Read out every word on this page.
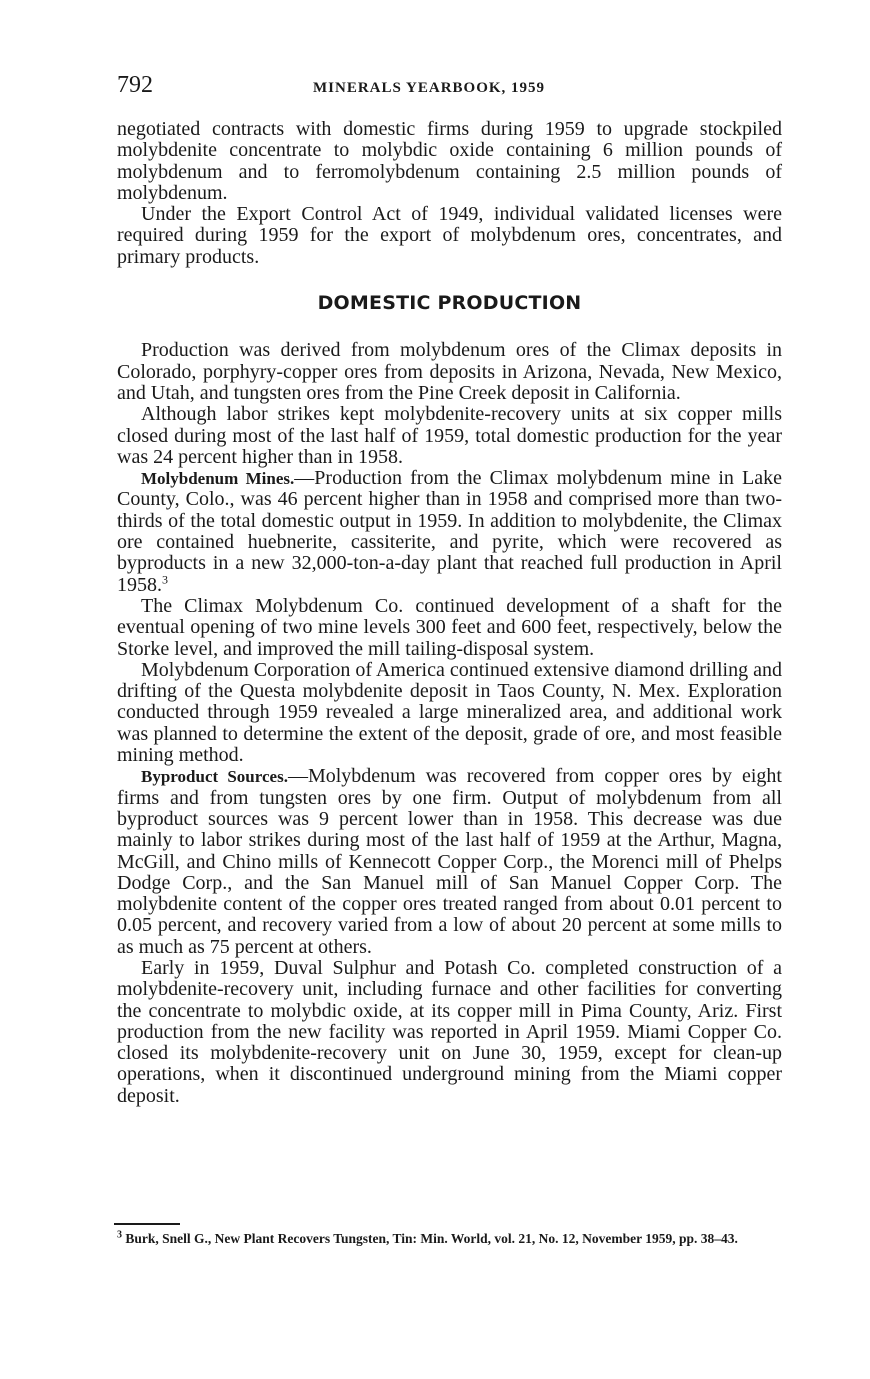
792	MINERALS YEARBOOK, 1959

negotiated contracts with domestic firms during 1959 to upgrade stockpiled molybdenite concentrate to molybdic oxide containing 6 million pounds of molybdenum and to ferromolybdenum containing 2.5 million pounds of molybdenum.

Under the Export Control Act of 1949, individual validated licenses were required during 1959 for the export of molybdenum ores, concentrates, and primary products.

DOMESTIC PRODUCTION

Production was derived from molybdenum ores of the Climax deposits in Colorado, porphyry-copper ores from deposits in Arizona, Nevada, New Mexico, and Utah, and tungsten ores from the Pine Creek deposit in California.

Although labor strikes kept molybdenite-recovery units at six copper mills closed during most of the last half of 1959, total domestic production for the year was 24 percent higher than in 1958.

Molybdenum Mines.—Production from the Climax molybdenum mine in Lake County, Colo., was 46 percent higher than in 1958 and comprised more than two-thirds of the total domestic output in 1959. In addition to molybdenite, the Climax ore contained huebnerite, cassiterite, and pyrite, which were recovered as byproducts in a new 32,000-ton-a-day plant that reached full production in April 1958.$^3$

The Climax Molybdenum Co. continued development of a shaft for the eventual opening of two mine levels 300 feet and 600 feet, respectively, below the Storke level, and improved the mill tailing-disposal system.

Molybdenum Corporation of America continued extensive diamond drilling and drifting of the Questa molybdenite deposit in Taos County, N. Mex. Exploration conducted through 1959 revealed a large mineralized area, and additional work was planned to determine the extent of the deposit, grade of ore, and most feasible mining method.

Byproduct Sources.—Molybdenum was recovered from copper ores by eight firms and from tungsten ores by one firm. Output of molybdenum from all byproduct sources was 9 percent lower than in 1958. This decrease was due mainly to labor strikes during most of the last half of 1959 at the Arthur, Magna, McGill, and Chino mills of Kennecott Copper Corp., the Morenci mill of Phelps Dodge Corp., and the San Manuel mill of San Manuel Copper Corp. The molybdenite content of the copper ores treated ranged from about 0.01 percent to 0.05 percent, and recovery varied from a low of about 20 percent at some mills to as much as 75 percent at others.

Early in 1959, Duval Sulphur and Potash Co. completed construction of a molybdenite-recovery unit, including furnace and other facilities for converting the concentrate to molybdic oxide, at its copper mill in Pima County, Ariz. First production from the new facility was reported in April 1959. Miami Copper Co. closed its molybdenite-recovery unit on June 30, 1959, except for clean-up operations, when it discontinued underground mining from the Miami copper deposit.

$^3$ Burk, Snell G., New Plant Recovers Tungsten, Tin: Min. World, vol. 21, No. 12, November 1959, pp. 38–43.
